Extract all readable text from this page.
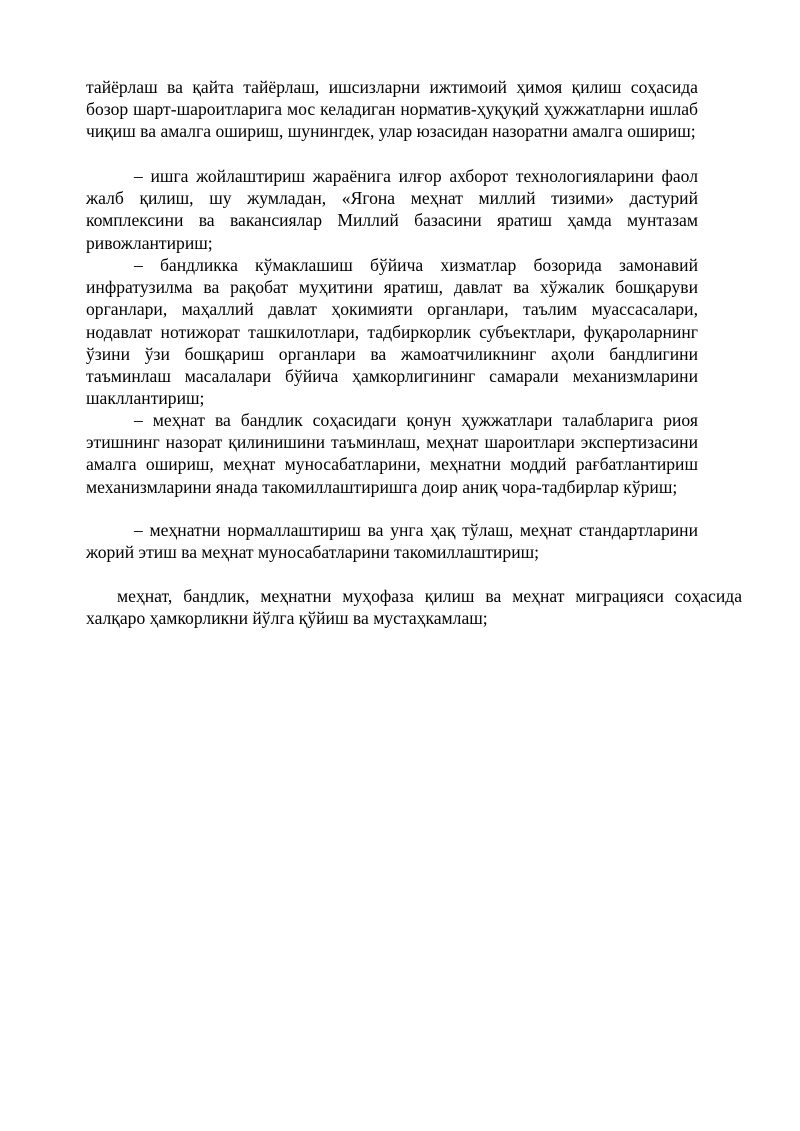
тайёрлаш ва қайта тайёрлаш, ишсизларни ижтимоий ҳимоя қилиш соҳасида бозор шарт-шароитларига мос келадиган норматив-ҳуқуқий ҳужжатларни ишлаб чиқиш ва амалга ошириш, шунингдек, улар юзасидан назоратни амалга ошириш;

– ишга жойлаштириш жараёнига илғор ахборот технологияларини фаол жалб қилиш, шу жумладан, «Ягона меҳнат миллий тизими» дастурий комплексини ва вакансиялар Миллий базасини яратиш ҳамда мунтазам ривожлантириш;

– бандликка кўмаклашиш бўйича хизматлар бозорида замонавий инфратузилма ва рақобат муҳитини яратиш, давлат ва хўжалик бошқаруви органлари, маҳаллий давлат ҳокимияти органлари, таълим муассасалари, нодавлат нотижорат ташкилотлари, тадбиркорлик субъектлари, фуқароларнинг ўзини ўзи бошқариш органлари ва жамоатчиликнинг аҳоли бандлигини таъминлаш масалалари бўйича ҳамкорлигининг самарали механизмларини шакллантириш;

– меҳнат ва бандлик соҳасидаги қонун ҳужжатлари талабларига риоя этишнинг назорат қилинишини таъминлаш, меҳнат шароитлари экспертизасини амалга ошириш, меҳнат муносабатларини, меҳнатни моддий рағбатлантириш механизмларини янада такомиллаштиришга доир аниқ чора-тадбирлар кўриш;

– меҳнатни нормаллаштириш ва унга ҳақ тўлаш, меҳнат стандартларини жорий этиш ва меҳнат муносабатларини такомиллаштириш;

меҳнат, бандлик, меҳнатни муҳофаза қилиш ва меҳнат миграцияси соҳасида халқаро ҳамкорликни йўлга қўйиш ва мустаҳкамлаш;
